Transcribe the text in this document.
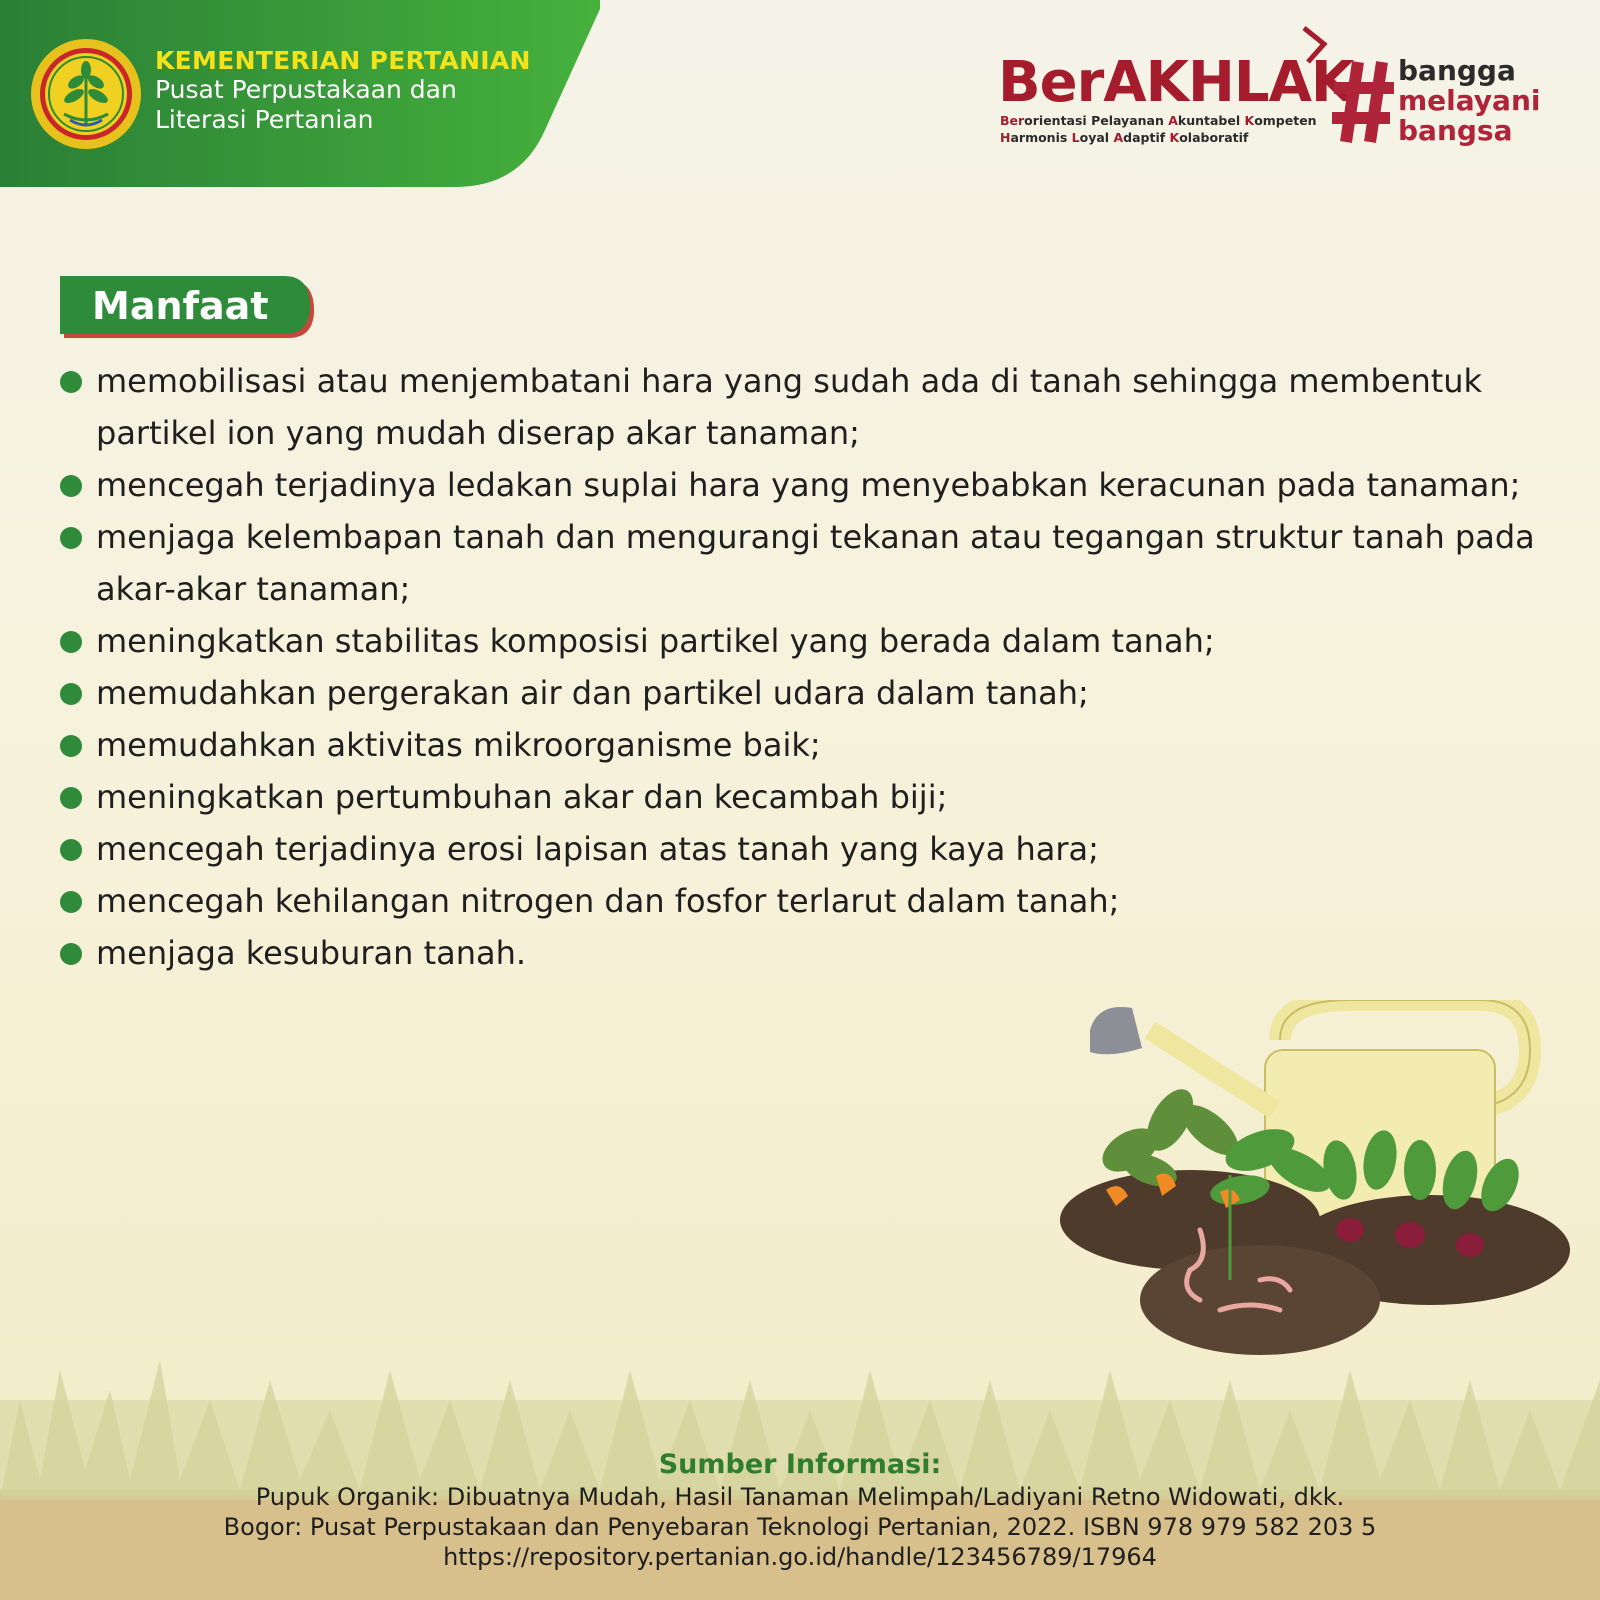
KEMENTERIAN PERTANIAN
Pusat Perpustakaan dan
Literasi Pertanian
BerAKHLAK
Berorientasi Pelayanan Akuntabel Kompeten
Harmonis Loyal Adaptif Kolaboratif
bangga
melayani
bangsa
Manfaat
memobilisasi atau menjembatani hara yang sudah ada di tanah sehingga membentuk partikel ion yang mudah diserap akar tanaman;
mencegah terjadinya ledakan suplai hara yang menyebabkan keracunan pada tanaman;
menjaga kelembapan tanah dan mengurangi tekanan atau tegangan struktur tanah pada akar-akar tanaman;
meningkatkan stabilitas komposisi partikel yang berada dalam tanah;
memudahkan pergerakan air dan partikel udara dalam tanah;
memudahkan aktivitas mikroorganisme baik;
meningkatkan pertumbuhan akar dan kecambah biji;
mencegah terjadinya erosi lapisan atas tanah yang kaya hara;
mencegah kehilangan nitrogen dan fosfor terlarut dalam tanah;
menjaga kesuburan tanah.
Sumber Informasi:
Pupuk Organik: Dibuatnya Mudah, Hasil Tanaman Melimpah/Ladiyani Retno Widowati, dkk.
Bogor: Pusat Perpustakaan dan Penyebaran Teknologi Pertanian, 2022. ISBN 978 979 582 203 5
https://repository.pertanian.go.id/handle/123456789/17964
